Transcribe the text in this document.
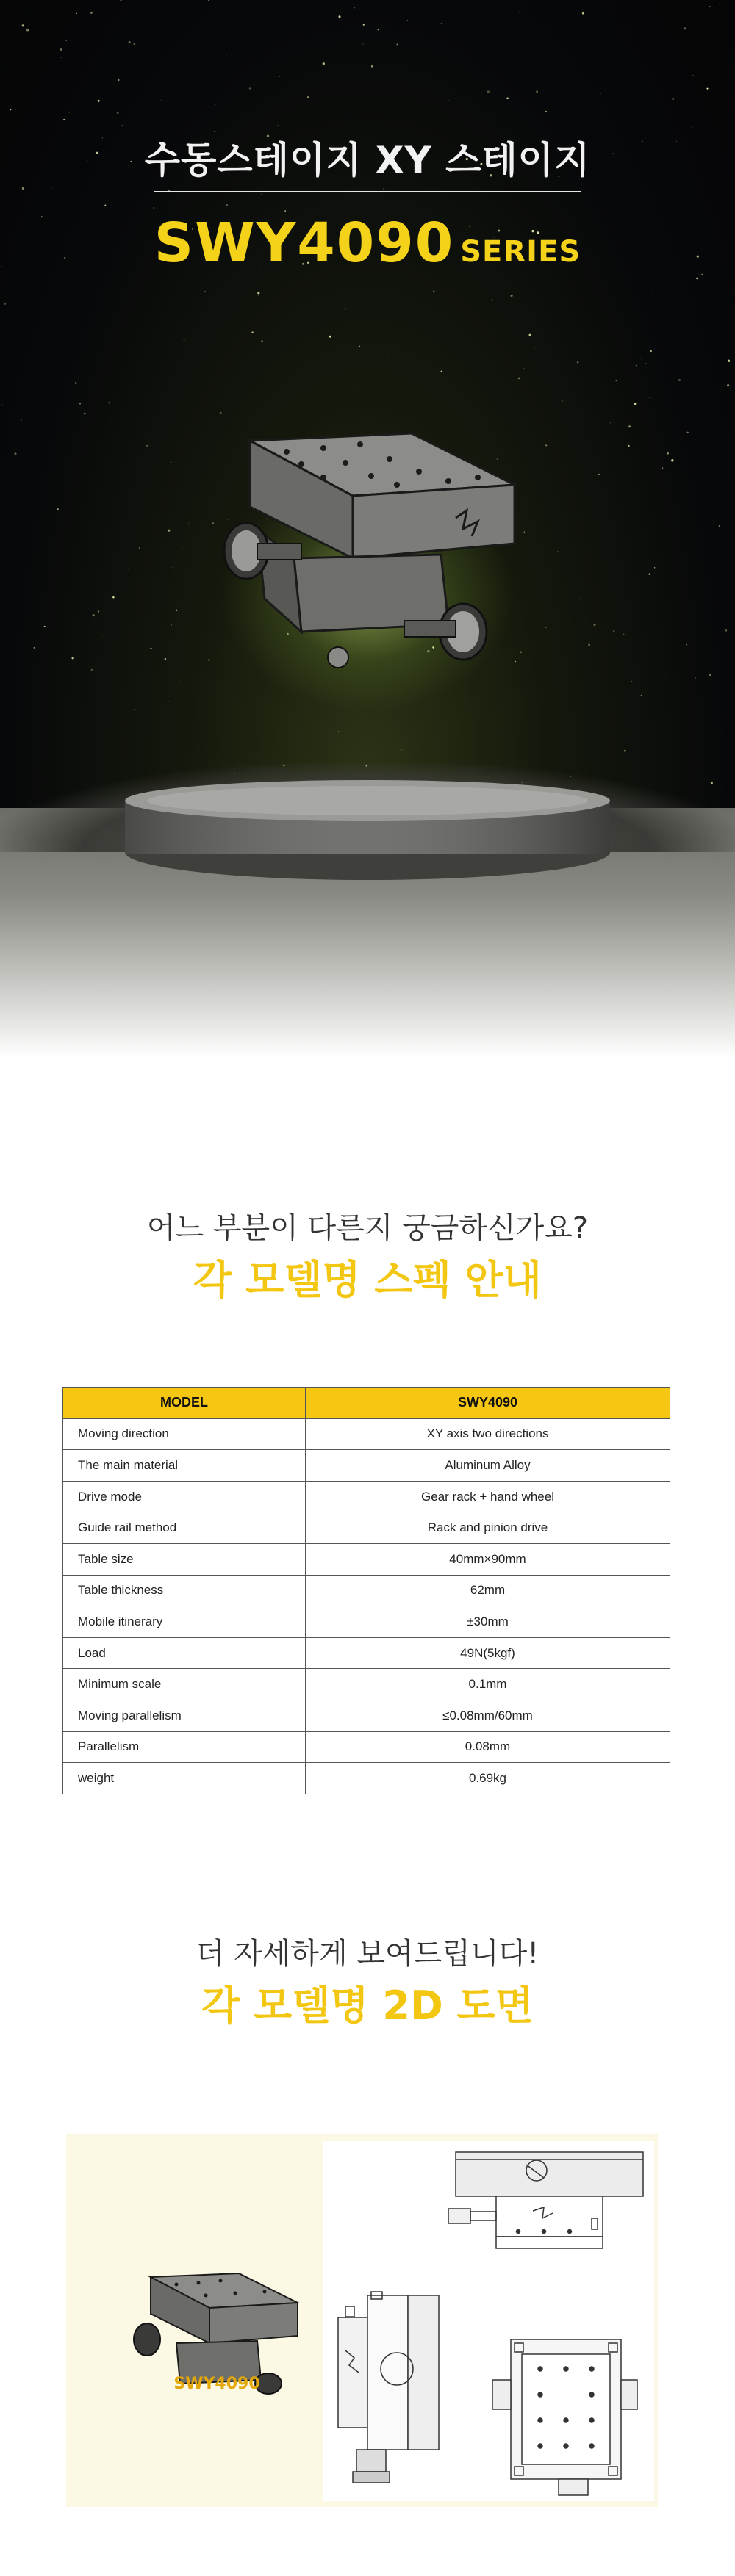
수동스테이지 XY 스테이지
SWY4090 SERIES
어느 부분이 다른지 궁금하신가요?
각 모델명 스펙 안내
MODEL	SWY4090
Moving direction	XY axis two directions
The main material	Aluminum Alloy
Drive mode	Gear rack + hand wheel
Guide rail method	Rack and pinion drive
Table size	40mm×90mm
Table thickness	62mm
Mobile itinerary	±30mm
Load	49N(5kgf)
Minimum scale	0.1mm
Moving parallelism	≤0.08mm/60mm
Parallelism	0.08mm
weight	0.69kg
더 자세하게 보여드립니다!
각 모델명 2D 도면
SWY4090
